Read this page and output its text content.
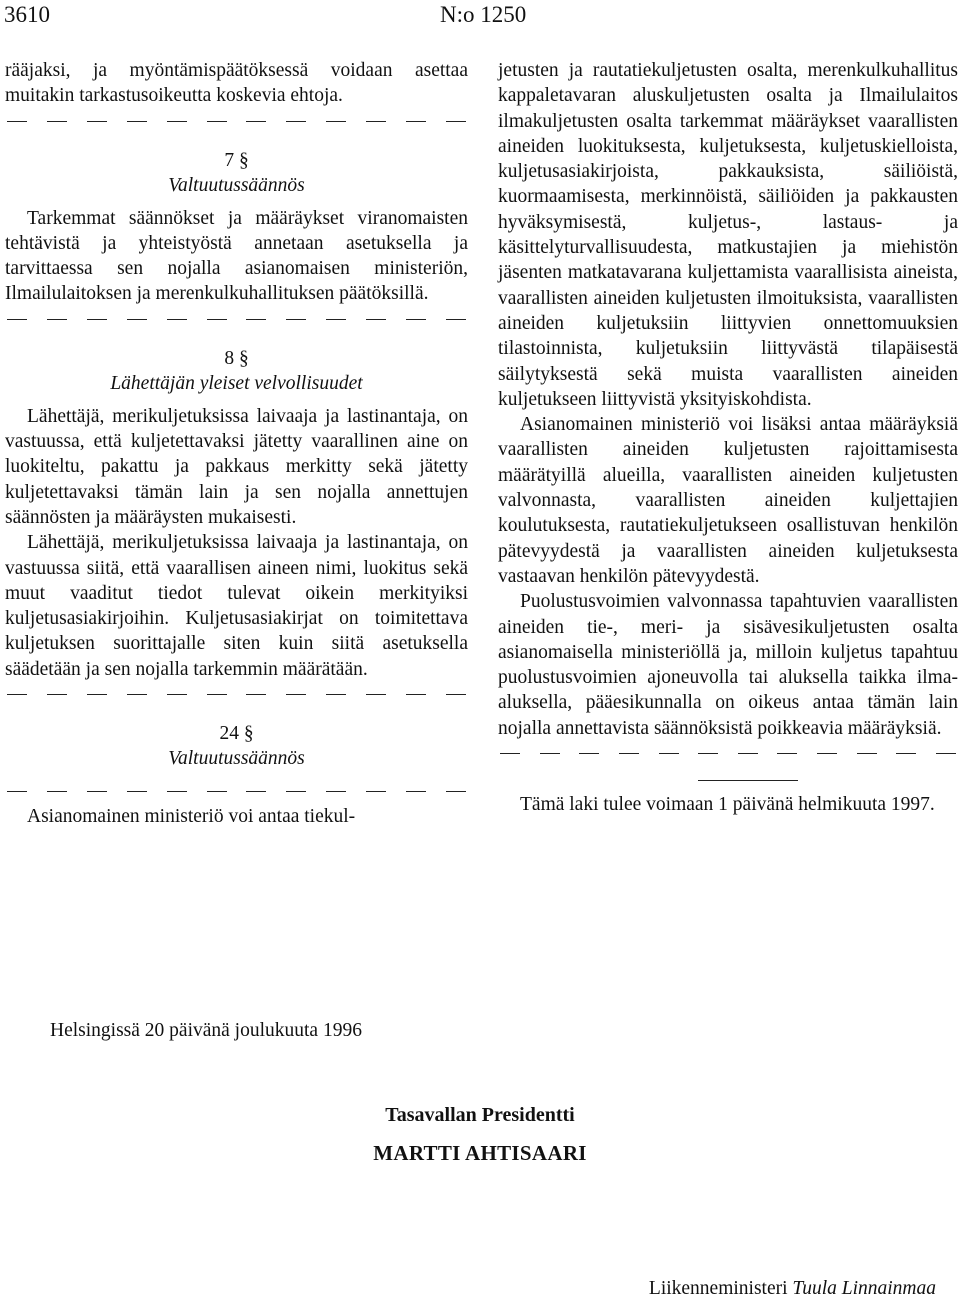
3610	N:o 1250

rääjaksi, ja myöntämispäätöksessä voidaan asettaa muitakin tarkastusoikeutta koskevia ehtoja.

7 §
Valtuutussäännös

Tarkemmat säännökset ja määräykset viranomaisten tehtävistä ja yhteistyöstä annetaan asetuksella ja tarvittaessa sen nojalla asianomaisen ministeriön, Ilmailulaitoksen ja merenkulkuhallituksen päätöksillä.

8 §
Lähettäjän yleiset velvollisuudet

Lähettäjä, merikuljetuksissa laivaaja ja lastinantaja, on vastuussa, että kuljetettavaksi jätetty vaarallinen aine on luokiteltu, pakattu ja pakkaus merkitty sekä jätetty kuljetettavaksi tämän lain ja sen nojalla annettujen säännösten ja määräysten mukaisesti.

Lähettäjä, merikuljetuksissa laivaaja ja lastinantaja, on vastuussa siitä, että vaarallisen aineen nimi, luokitus sekä muut vaaditut tiedot tulevat oikein merkityiksi kuljetusasiakirjoihin. Kuljetusasiakirjat on toimitettava kuljetuksen suorittajalle siten kuin siitä asetuksella säädetään ja sen nojalla tarkemmin määrätään.

24 §
Valtuutussäännös

Asianomainen ministeriö voi antaa tiekul-

jetusten ja rautatiekuljetusten osalta, merenkulkuhallitus kappaletavaran aluskuljetusten osalta ja Ilmailulaitos ilmakuljetusten osalta tarkemmat määräykset vaarallisten aineiden luokituksesta, kuljetuksesta, kuljetuskielloista, kuljetusasiakirjoista, pakkauksista, säiliöistä, kuormaamisesta, merkinnöistä, säiliöiden ja pakkausten hyväksymisestä, kuljetus-, lastaus- ja käsittelyturvallisuudesta, matkustajien ja miehistön jäsenten matkatavarana kuljettamista vaarallisista aineista, vaarallisten aineiden kuljetusten ilmoituksista, vaarallisten aineiden kuljetuksiin liittyvien onnettomuuksien tilastoinnista, kuljetuksiin liittyvästä tilapäisestä säilytyksestä sekä muista vaarallisten aineiden kuljetukseen liittyvistä yksityiskohdista.

Asianomainen ministeriö voi lisäksi antaa määräyksiä vaarallisten aineiden kuljetusten rajoittamisesta määrätyillä alueilla, vaarallisten aineiden kuljetusten valvonnasta, vaarallisten aineiden kuljettajien koulutuksesta, rautatiekuljetukseen osallistuvan henkilön pätevyydestä ja vaarallisten aineiden kuljetuksesta vastaavan henkilön pätevyydestä.

Puolustusvoimien valvonnassa tapahtuvien vaarallisten aineiden tie-, meri- ja sisävesikuljetusten osalta asianomaisella ministeriöllä ja, milloin kuljetus tapahtuu puolustusvoimien ajoneuvolla tai aluksella taikka ilma-aluksella, pääesikunnalla on oikeus antaa tämän lain nojalla annettavista säännöksistä poikkeavia määräyksiä.

Tämä laki tulee voimaan 1 päivänä helmikuuta 1997.

Helsingissä 20 päivänä joulukuuta 1996
Tasavallan Presidentti
MARTTI AHTISAARI
Liikenneministeri Tuula Linnainmaa
